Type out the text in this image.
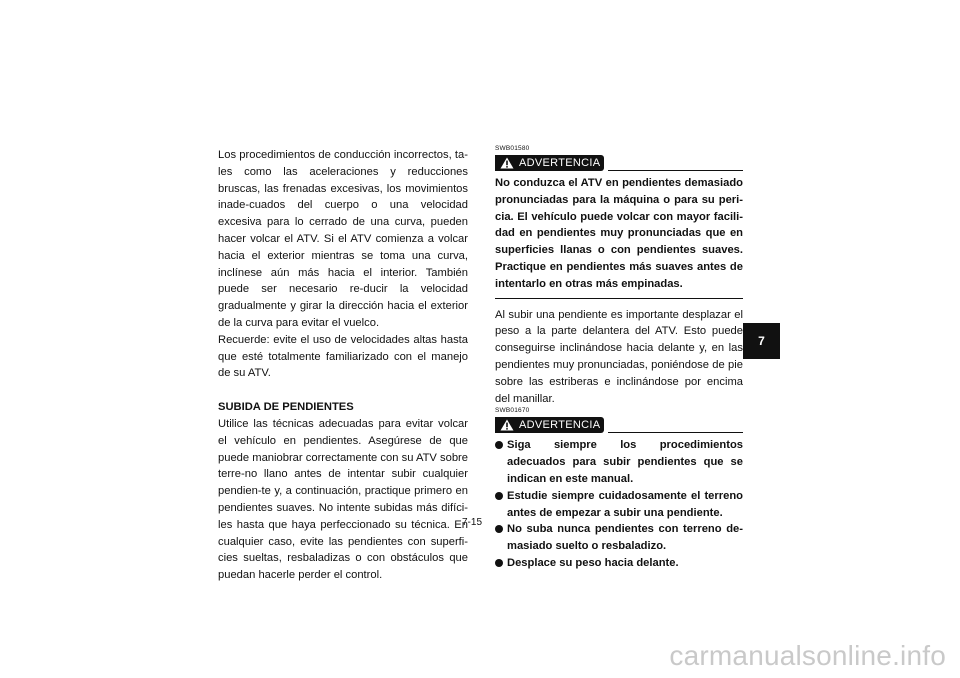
Los procedimientos de conducción incorrectos, ta-les como las aceleraciones y reducciones bruscas, las frenadas excesivas, los movimientos inade-cuados del cuerpo o una velocidad excesiva para lo cerrado de una curva, pueden hacer volcar el ATV. Si el ATV comienza a volcar hacia el exterior mientras se toma una curva, inclínese aún más hacia el interior. También puede ser necesario re-ducir la velocidad gradualmente y girar la dirección hacia el exterior de la curva para evitar el vuelco.

Recuerde: evite el uso de velocidades altas hasta que esté totalmente familiarizado con el manejo de su ATV.

SUBIDA DE PENDIENTES

Utilice las técnicas adecuadas para evitar volcar el vehículo en pendientes. Asegúrese de que puede maniobrar correctamente con su ATV sobre terre-no llano antes de intentar subir cualquier pendien-te y, a continuación, practique primero en pendientes suaves. No intente subidas más difíci-les hasta que haya perfeccionado su técnica. En cualquier caso, evite las pendientes con superfi-cies sueltas, resbaladizas o con obstáculos que puedan hacerle perder el control.

SWB01580
ADVERTENCIA

No conduzca el ATV en pendientes demasiado pronunciadas para la máquina o para su peri-cia. El vehículo puede volcar con mayor facili-dad en pendientes muy pronunciadas que en superficies llanas o con pendientes suaves. Practique en pendientes más suaves antes de intentarlo en otras más empinadas.

Al subir una pendiente es importante desplazar el peso a la parte delantera del ATV. Esto puede conseguirse inclinándose hacia delante y, en las pendientes muy pronunciadas, poniéndose de pie sobre las estriberas e inclinándose por encima del manillar.

SWB01670
ADVERTENCIA
Siga siempre los procedimientos adecuados para subir pendientes que se indican en este manual.
Estudie siempre cuidadosamente el terreno antes de empezar a subir una pendiente.
No suba nunca pendientes con terreno de-masiado suelto o resbaladizo.
Desplace su peso hacia delante.
7-15
7
carmanualsonline.info
